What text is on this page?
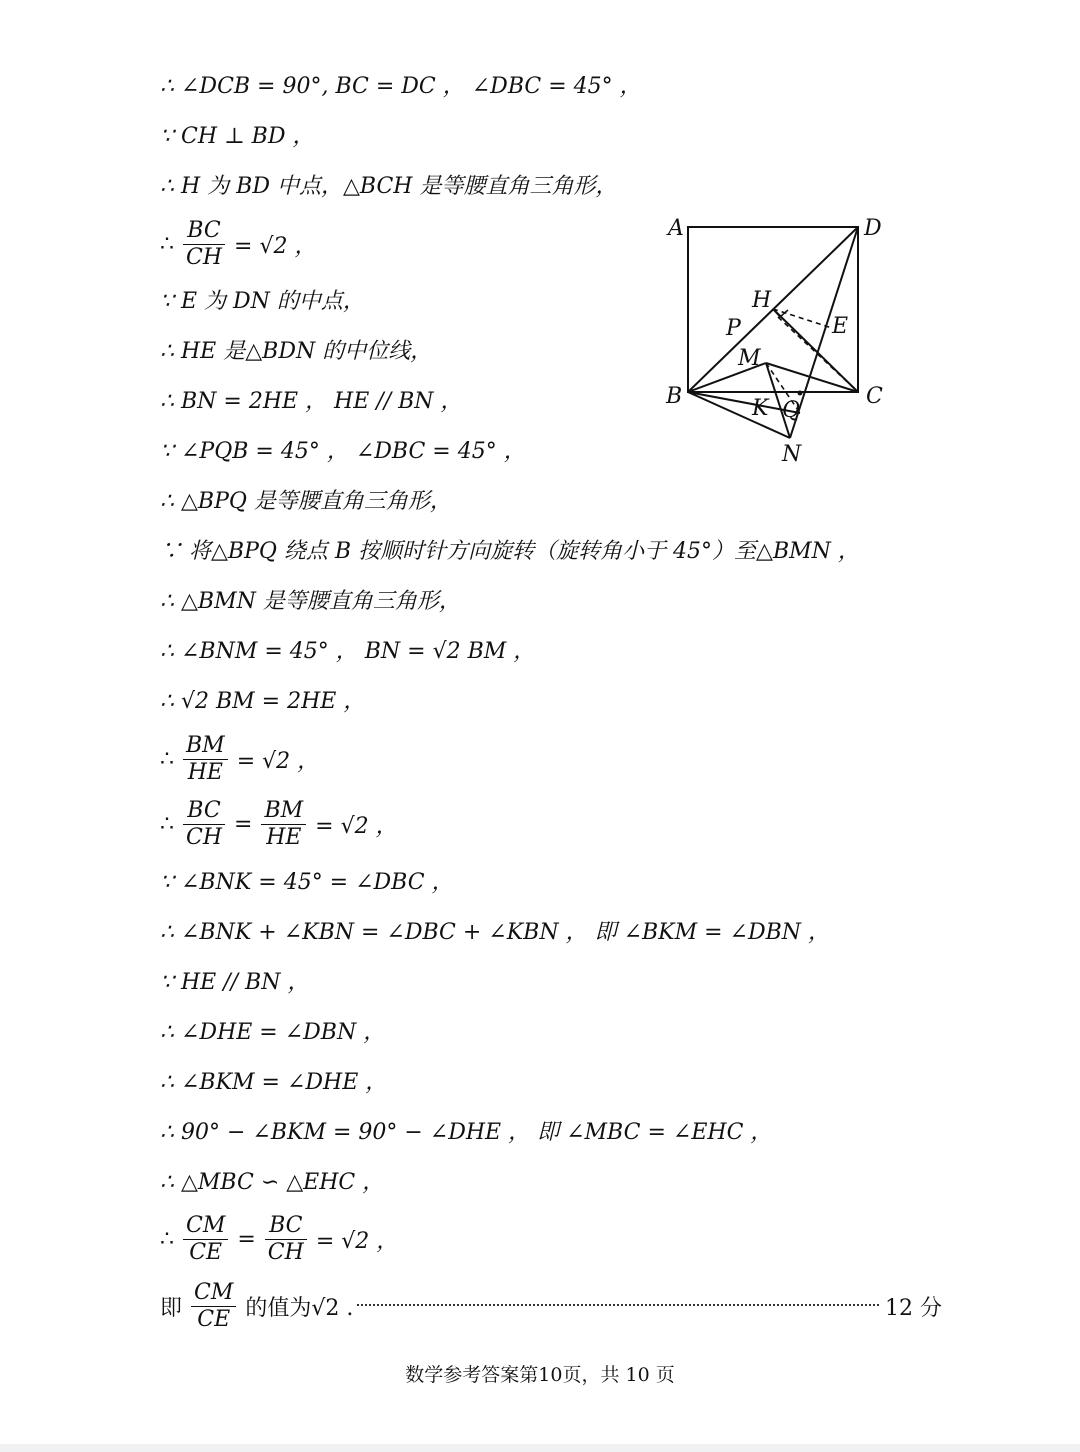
∴ ∠DCB = 90°, BC = DC ， ∠DBC = 45° ，
∵ CH ⊥ BD ，
∴ H 为 BD 中点，△BCH 是等腰直角三角形，
∴ $\frac{BC}{CH} = √2$ ，
∵ E 为 DN 的中点，
∴ HE 是△BDN 的中位线，
∴ BN = 2HE ， HE // BN ，
∵ ∠PQB = 45° ， ∠DBC = 45° ，
∴ △BPQ 是等腰直角三角形，
∵ 将△BPQ 绕点 B 按顺时针方向旋转（旋转角小于 45°）至△BMN ，
∴ △BMN 是等腰直角三角形，
∴ ∠BNM = 45° ， BN = √2 BM ，
∴ √2 BM = 2HE ，
∴ $\frac{BM}{HE} = √2$ ，
∴ $\frac{BC}{CH} = \frac{BM}{HE} = √2$ ，
∵ ∠BNK = 45° = ∠DBC ，
∴ ∠BNK + ∠KBN = ∠DBC + ∠KBN ， 即 ∠BKM = ∠DBN ，
∵ HE // BN ，
∴ ∠DHE = ∠DBN ，
∴ ∠BKM = ∠DHE ，
∴ 90° − ∠BKM = 90° − ∠DHE ， 即 ∠MBC = ∠EHC ，
∴ △MBC ∽ △EHC ，
∴ $\frac{CM}{CE} = \frac{BC}{CH} = √2$ ，
即 $\frac{CM}{CE}$ 的值为√2 .	12 分
A	D
B	C
H
P	E
M
K Q
N
数学参考答案第10页，共 10 页
